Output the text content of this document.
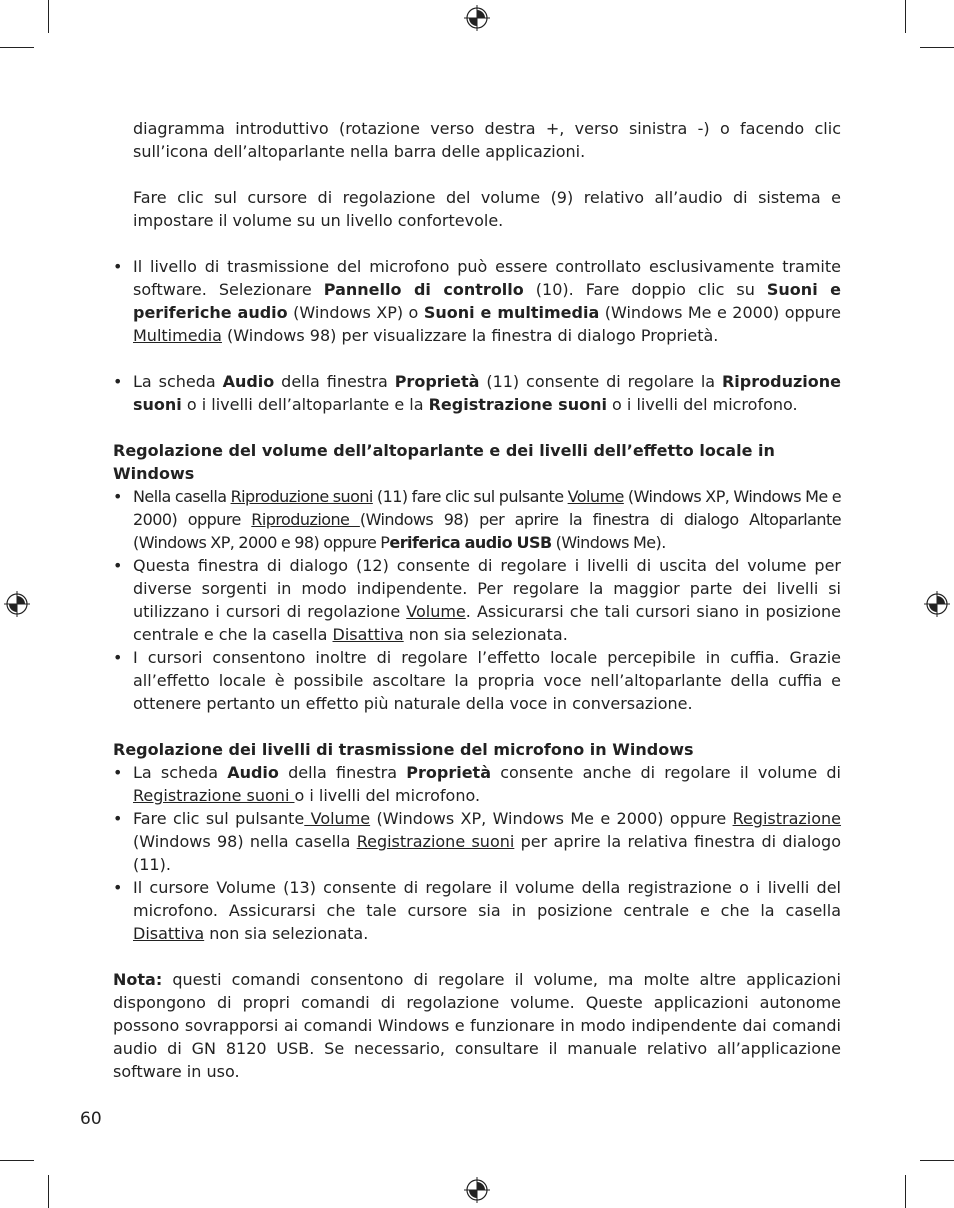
diagramma introduttivo (rotazione verso destra +, verso sinistra -) o facendo clic sull’icona dell’altoparlante nella barra delle applicazioni.

Fare clic sul cursore di regolazione del volume (9) relativo all’audio di sistema e impostare il volume su un livello confortevole.

• Il livello di trasmissione del microfono può essere controllato esclusivamente tramite software. Selezionare Pannello di controllo (10). Fare doppio clic su Suoni e periferiche audio (Windows XP) o Suoni e multimedia (Windows Me e 2000) oppure Multimedia (Windows 98) per visualizzare la finestra di dialogo Proprietà.
• La scheda Audio della finestra Proprietà (11) consente di regolare la Riproduzione suoni o i livelli dell’altoparlante e la Registrazione suoni o i livelli del microfono.
Regolazione del volume dell’altoparlante e dei livelli dell’effetto locale in Windows
• Nella casella Riproduzione suoni (11) fare clic sul pulsante Volume (Windows XP, Windows Me e 2000) oppure Riproduzione (Windows 98) per aprire la finestra di dialogo Altoparlante (Windows XP, 2000 e 98) oppure Periferica audio USB (Windows Me).
• Questa finestra di dialogo (12) consente di regolare i livelli di uscita del volume per diverse sorgenti in modo indipendente. Per regolare la maggior parte dei livelli si utilizzano i cursori di regolazione Volume. Assicurarsi che tali cursori siano in posizione centrale e che la casella Disattiva non sia selezionata.
• I cursori consentono inoltre di regolare l’effetto locale percepibile in cuffia. Grazie all’effetto locale è possibile ascoltare la propria voce nell’altoparlante della cuffia e ottenere pertanto un effetto più naturale della voce in conversazione.
Regolazione dei livelli di trasmissione del microfono in Windows
• La scheda Audio della finestra Proprietà consente anche di regolare il volume di Registrazione suoni o i livelli del microfono.
• Fare clic sul pulsante Volume (Windows XP, Windows Me e 2000) oppure Registrazione (Windows 98) nella casella Registrazione suoni per aprire la relativa finestra di dialogo (11).
• Il cursore Volume (13) consente di regolare il volume della registrazione o i livelli del microfono. Assicurarsi che tale cursore sia in posizione centrale e che la casella Disattiva non sia selezionata.

Nota: questi comandi consentono di regolare il volume, ma molte altre applicazioni dispongono di propri comandi di regolazione volume. Queste applicazioni autonome possono sovrapporsi ai comandi Windows e funzionare in modo indipendente dai comandi audio di GN 8120 USB. Se necessario, consultare il manuale relativo all’applicazione software in uso.

60
